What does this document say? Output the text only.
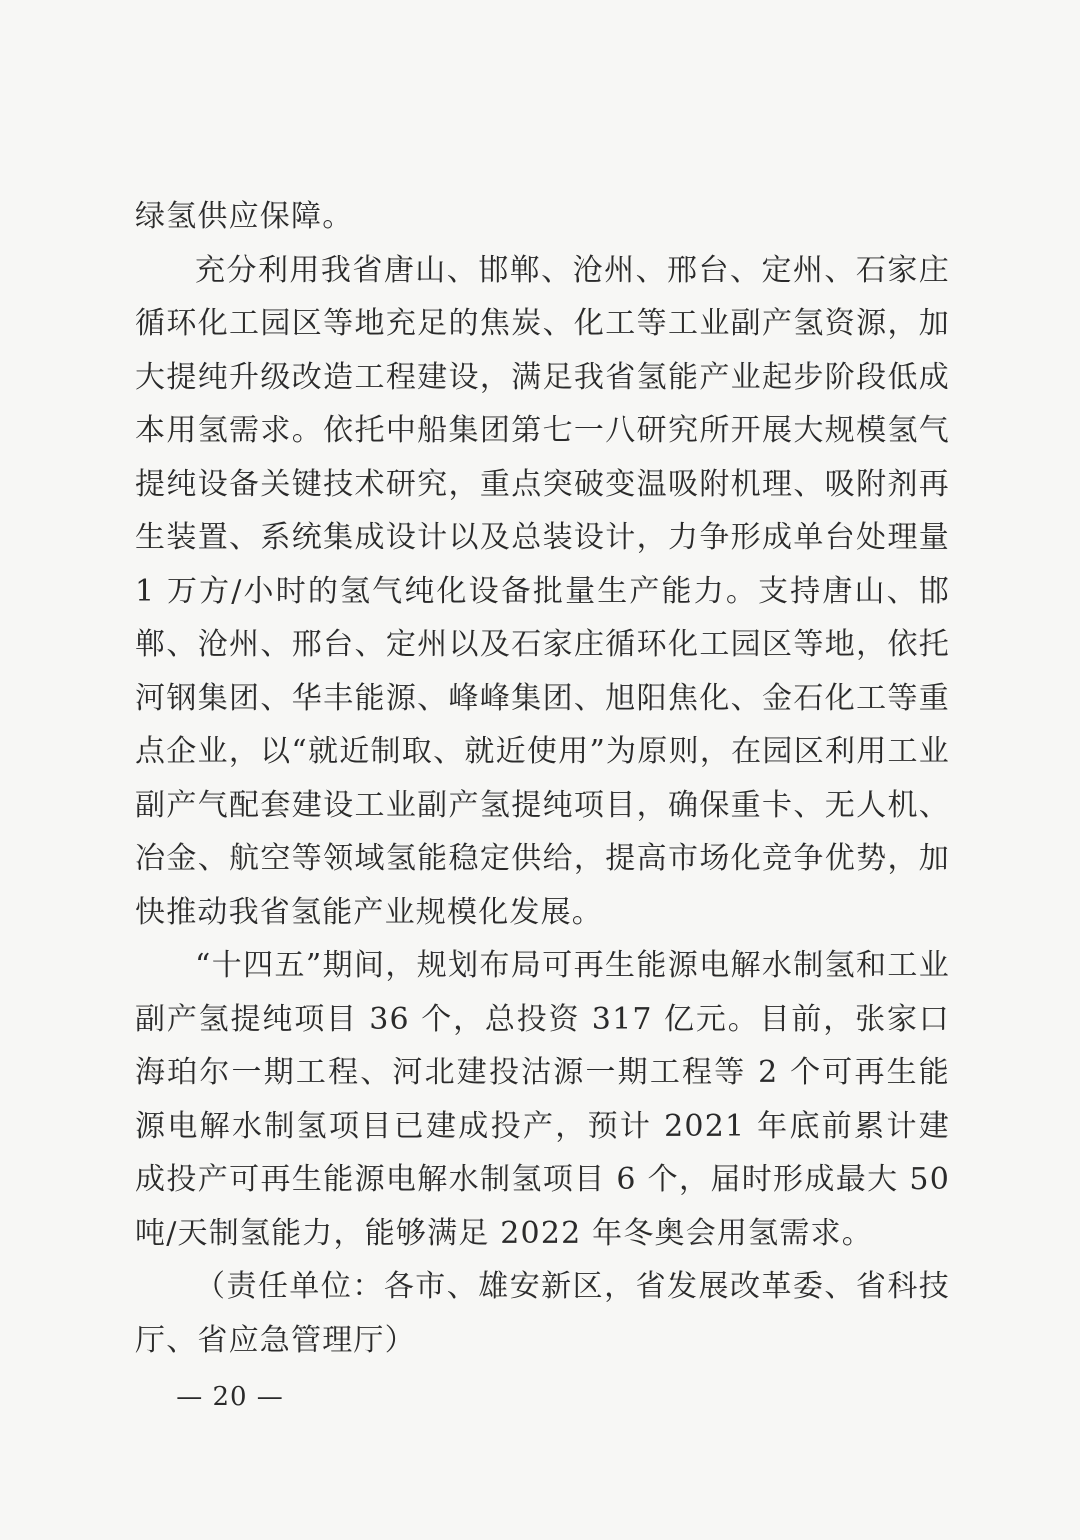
绿氢供应保障。

充分利用我省唐山、邯郸、沧州、邢台、定州、石家庄循环化工园区等地充足的焦炭、化工等工业副产氢资源，加大提纯升级改造工程建设，满足我省氢能产业起步阶段低成本用氢需求。依托中船集团第七一八研究所开展大规模氢气提纯设备关键技术研究，重点突破变温吸附机理、吸附剂再生装置、系统集成设计以及总装设计，力争形成单台处理量 1 万方/小时的氢气纯化设备批量生产能力。支持唐山、邯郸、沧州、邢台、定州以及石家庄循环化工园区等地，依托河钢集团、华丰能源、峰峰集团、旭阳焦化、金石化工等重点企业，以“就近制取、就近使用”为原则，在园区利用工业副产气配套建设工业副产氢提纯项目，确保重卡、无人机、冶金、航空等领域氢能稳定供给，提高市场化竞争优势，加快推动我省氢能产业规模化发展。

“十四五”期间，规划布局可再生能源电解水制氢和工业副产氢提纯项目 36 个，总投资 317 亿元。目前，张家口海珀尔一期工程、河北建投沽源一期工程等 2 个可再生能源电解水制氢项目已建成投产，预计 2021 年底前累计建成投产可再生能源电解水制氢项目 6 个，届时形成最大 50 吨/天制氢能力，能够满足 2022 年冬奥会用氢需求。

（责任单位：各市、雄安新区，省发展改革委、省科技厅、省应急管理厅）

— 20 —
